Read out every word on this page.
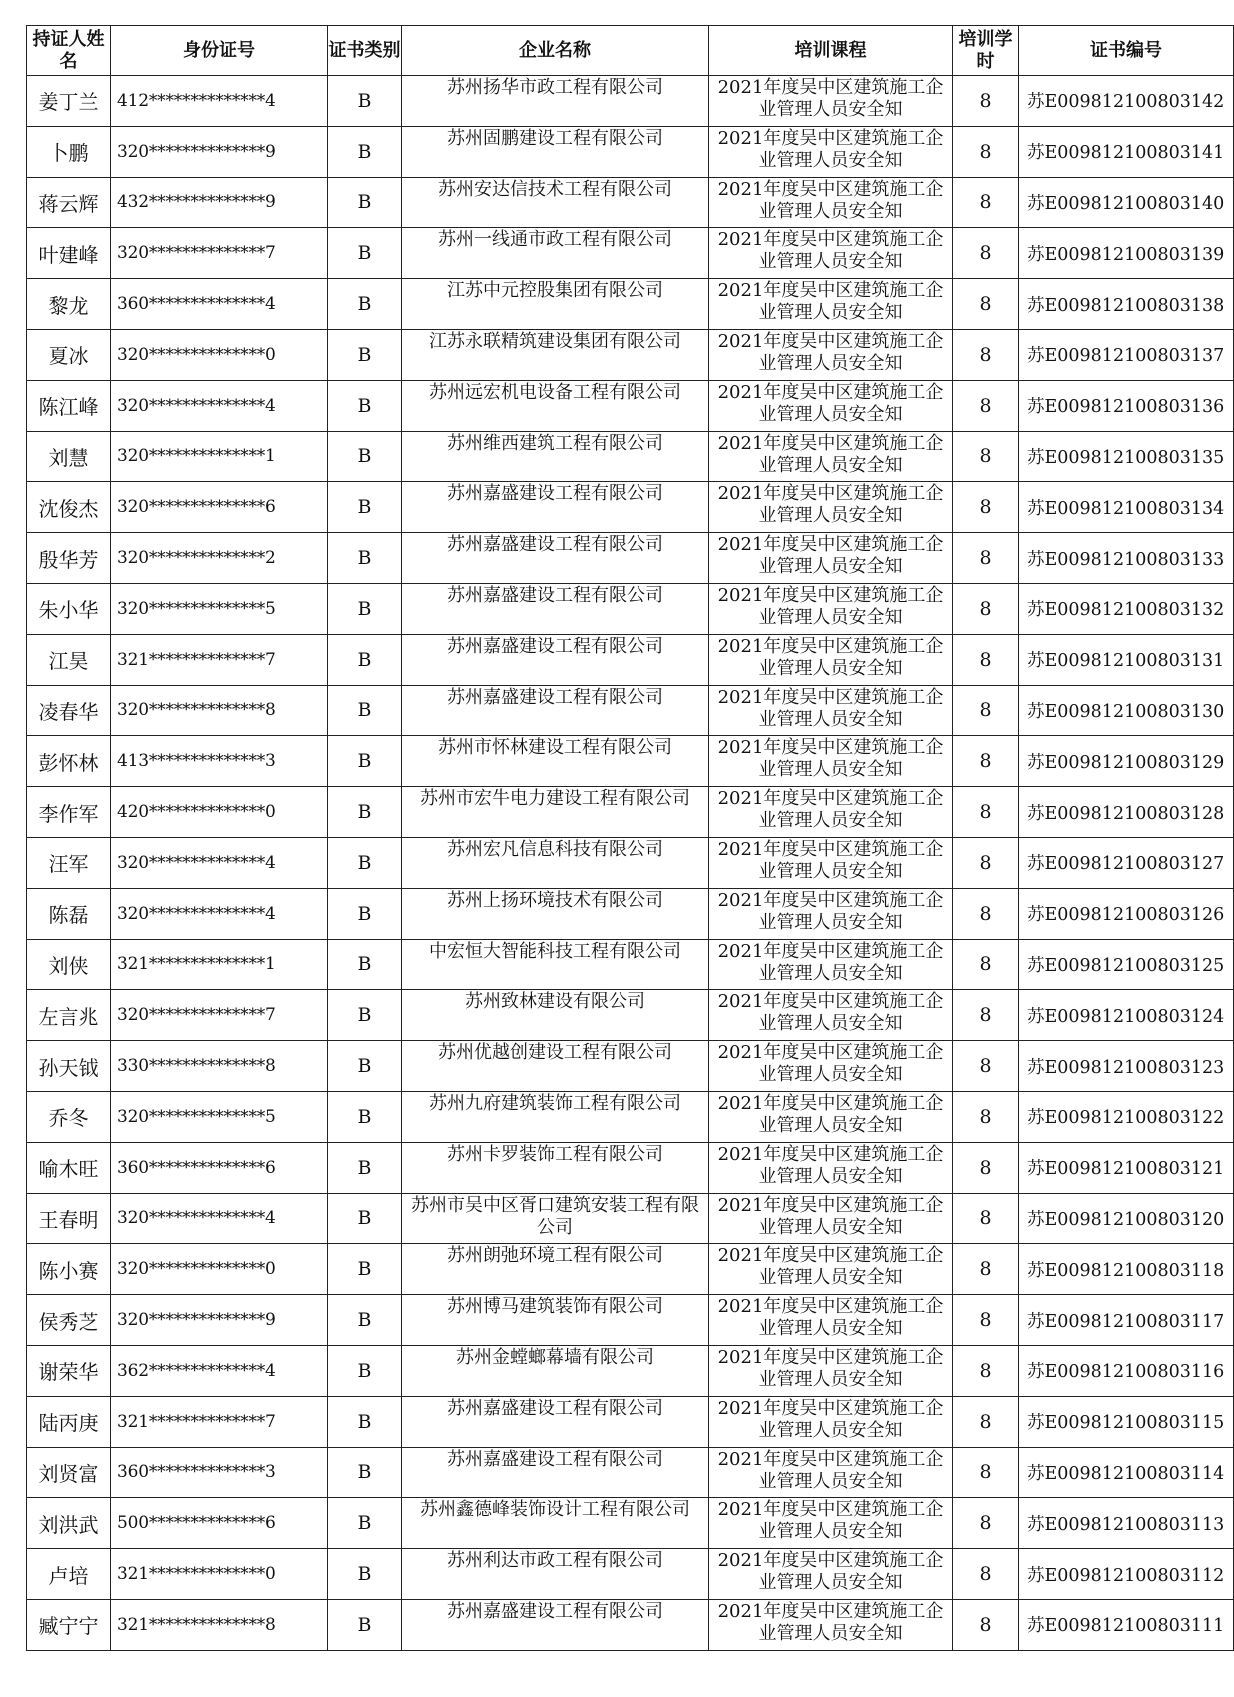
持证人姓名	身份证号	证书类别	企业名称	培训课程	培训学时	证书编号
姜丁兰	412**************4	B	苏州扬华市政工程有限公司	2021年度吴中区建筑施工企业管理人员安全知	8	苏E009812100803142
卜鹏	320**************9	B	苏州固鹏建设工程有限公司	2021年度吴中区建筑施工企业管理人员安全知	8	苏E009812100803141
蒋云辉	432**************9	B	苏州安达信技术工程有限公司	2021年度吴中区建筑施工企业管理人员安全知	8	苏E009812100803140
叶建峰	320**************7	B	苏州一线通市政工程有限公司	2021年度吴中区建筑施工企业管理人员安全知	8	苏E009812100803139
黎龙	360**************4	B	江苏中元控股集团有限公司	2021年度吴中区建筑施工企业管理人员安全知	8	苏E009812100803138
夏冰	320**************0	B	江苏永联精筑建设集团有限公司	2021年度吴中区建筑施工企业管理人员安全知	8	苏E009812100803137
陈江峰	320**************4	B	苏州远宏机电设备工程有限公司	2021年度吴中区建筑施工企业管理人员安全知	8	苏E009812100803136
刘慧	320**************1	B	苏州维西建筑工程有限公司	2021年度吴中区建筑施工企业管理人员安全知	8	苏E009812100803135
沈俊杰	320**************6	B	苏州嘉盛建设工程有限公司	2021年度吴中区建筑施工企业管理人员安全知	8	苏E009812100803134
殷华芳	320**************2	B	苏州嘉盛建设工程有限公司	2021年度吴中区建筑施工企业管理人员安全知	8	苏E009812100803133
朱小华	320**************5	B	苏州嘉盛建设工程有限公司	2021年度吴中区建筑施工企业管理人员安全知	8	苏E009812100803132
江昊	321**************7	B	苏州嘉盛建设工程有限公司	2021年度吴中区建筑施工企业管理人员安全知	8	苏E009812100803131
凌春华	320**************8	B	苏州嘉盛建设工程有限公司	2021年度吴中区建筑施工企业管理人员安全知	8	苏E009812100803130
彭怀林	413**************3	B	苏州市怀林建设工程有限公司	2021年度吴中区建筑施工企业管理人员安全知	8	苏E009812100803129
李作军	420**************0	B	苏州市宏牛电力建设工程有限公司	2021年度吴中区建筑施工企业管理人员安全知	8	苏E009812100803128
汪军	320**************4	B	苏州宏凡信息科技有限公司	2021年度吴中区建筑施工企业管理人员安全知	8	苏E009812100803127
陈磊	320**************4	B	苏州上扬环境技术有限公司	2021年度吴中区建筑施工企业管理人员安全知	8	苏E009812100803126
刘侠	321**************1	B	中宏恒大智能科技工程有限公司	2021年度吴中区建筑施工企业管理人员安全知	8	苏E009812100803125
左言兆	320**************7	B	苏州致林建设有限公司	2021年度吴中区建筑施工企业管理人员安全知	8	苏E009812100803124
孙天钺	330**************8	B	苏州优越创建设工程有限公司	2021年度吴中区建筑施工企业管理人员安全知	8	苏E009812100803123
乔冬	320**************5	B	苏州九府建筑装饰工程有限公司	2021年度吴中区建筑施工企业管理人员安全知	8	苏E009812100803122
喻木旺	360**************6	B	苏州卡罗装饰工程有限公司	2021年度吴中区建筑施工企业管理人员安全知	8	苏E009812100803121
王春明	320**************4	B	苏州市吴中区胥口建筑安装工程有限公司	2021年度吴中区建筑施工企业管理人员安全知	8	苏E009812100803120
陈小赛	320**************0	B	苏州朗弛环境工程有限公司	2021年度吴中区建筑施工企业管理人员安全知	8	苏E009812100803118
侯秀芝	320**************9	B	苏州博马建筑装饰有限公司	2021年度吴中区建筑施工企业管理人员安全知	8	苏E009812100803117
谢荣华	362**************4	B	苏州金螳螂幕墙有限公司	2021年度吴中区建筑施工企业管理人员安全知	8	苏E009812100803116
陆丙庚	321**************7	B	苏州嘉盛建设工程有限公司	2021年度吴中区建筑施工企业管理人员安全知	8	苏E009812100803115
刘贤富	360**************3	B	苏州嘉盛建设工程有限公司	2021年度吴中区建筑施工企业管理人员安全知	8	苏E009812100803114
刘洪武	500**************6	B	苏州鑫德峰装饰设计工程有限公司	2021年度吴中区建筑施工企业管理人员安全知	8	苏E009812100803113
卢培	321**************0	B	苏州利达市政工程有限公司	2021年度吴中区建筑施工企业管理人员安全知	8	苏E009812100803112
臧宁宁	321**************8	B	苏州嘉盛建设工程有限公司	2021年度吴中区建筑施工企业管理人员安全知	8	苏E009812100803111
